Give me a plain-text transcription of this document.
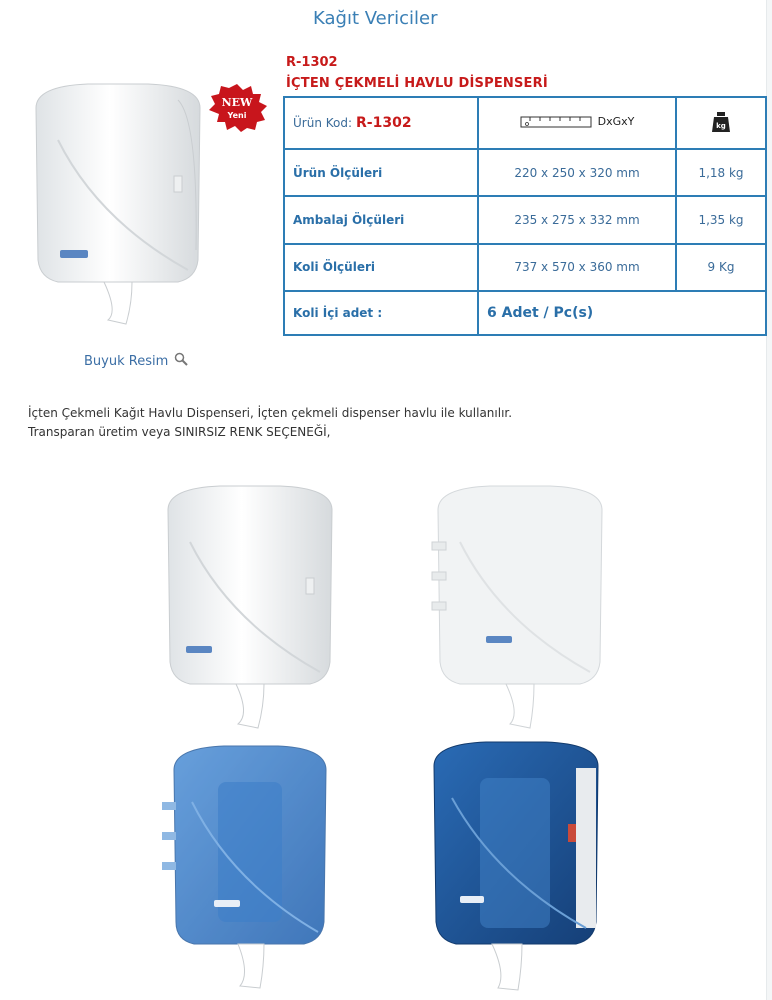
Kağıt Vericiler
NEW
Yeni
Buyuk Resim
R-1302
İÇTEN ÇEKMELİ HAVLU DİSPENSERİ
Ürün Kod: R-1302	DxGxY	kg

Ürün Ölçüleri	220 x 250 x 320 mm	1,18 kg
Ambalaj Ölçüleri	235 x 275 x 332 mm	1,35 kg
Koli Ölçüleri	737 x 570 x 360 mm	9 Kg
Koli İçi adet :	6 Adet / Pc(s)	
İçten Çekmeli Kağıt Havlu Dispenseri, İçten çekmeli dispenser havlu ile kullanılır.
Transparan üretim veya SINIRSIZ RENK SEÇENEĞİ,
